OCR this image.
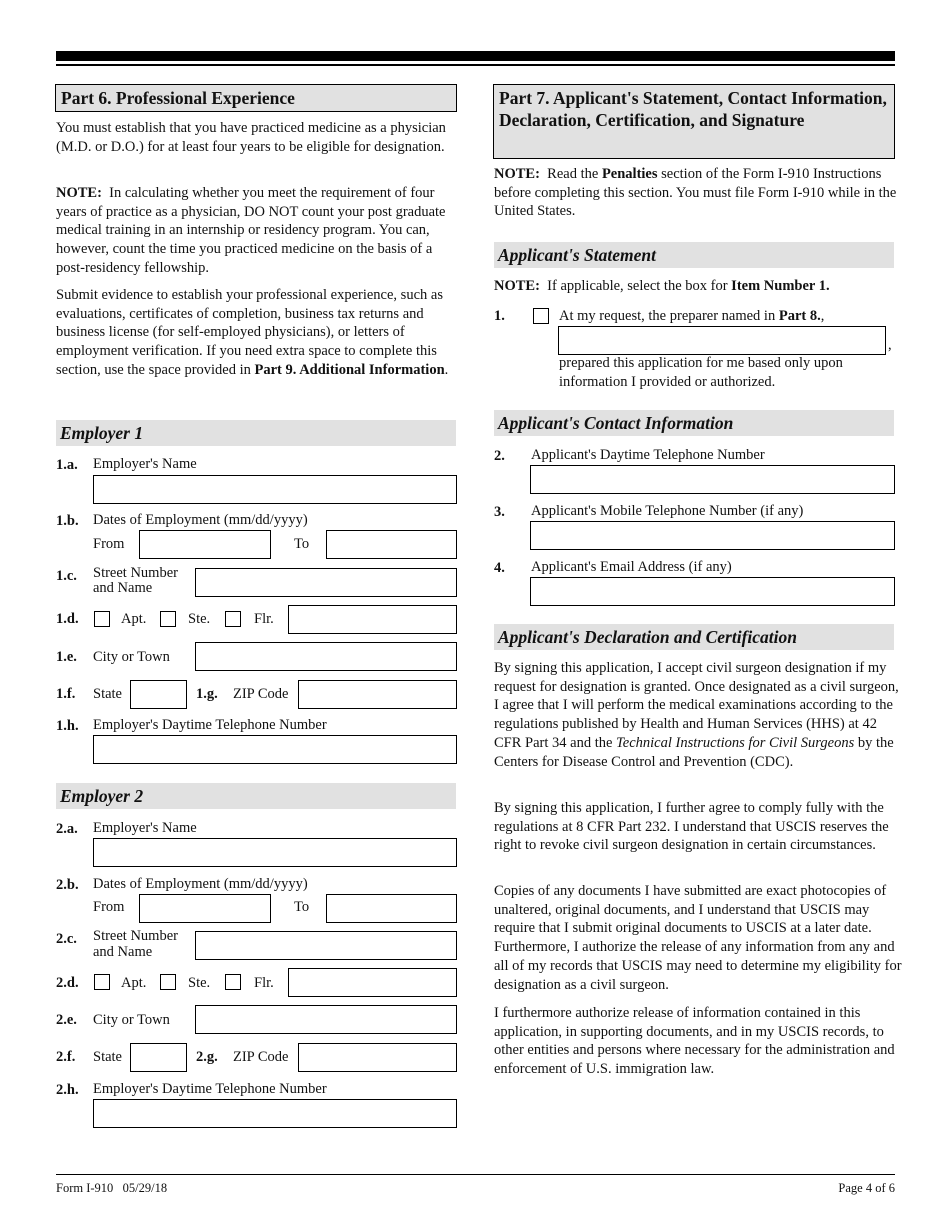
Part 6. Professional Experience
You must establish that you have practiced medicine as a physician (M.D. or D.O.) for at least four years to be eligible for designation.
NOTE: In calculating whether you meet the requirement of four years of practice as a physician, DO NOT count your post graduate medical training in an internship or residency program. You can, however, count the time you practiced medicine on the basis of a post-residency fellowship.
Submit evidence to establish your professional experience, such as evaluations, certificates of completion, business tax returns and business license (for self-employed physicians), or letters of employment verification. If you need extra space to complete this section, use the space provided in Part 9. Additional Information.
Employer 1
1.a. Employer's Name
1.b. Dates of Employment (mm/dd/yyyy)
From	To
1.c. Street Number
and Name
1.d.	Apt.	Ste.	Flr.
1.e. City or Town
1.f. State	1.g. ZIP Code
1.h. Employer's Daytime Telephone Number
Employer 2
2.a. Employer's Name
2.b. Dates of Employment (mm/dd/yyyy)
From	To
2.c. Street Number
and Name
2.d.	Apt.	Ste.	Flr.
2.e. City or Town
2.f. State	2.g. ZIP Code
2.h. Employer's Daytime Telephone Number
Part 7. Applicant's Statement, Contact Information, Declaration, Certification, and Signature
NOTE: Read the Penalties section of the Form I-910 Instructions before completing this section. You must file Form I-910 while in the United States.
Applicant's Statement
NOTE: If applicable, select the box for Item Number 1.
1.	At my request, the preparer named in Part 8.,
,
prepared this application for me based only upon information I provided or authorized.
Applicant's Contact Information
2. Applicant's Daytime Telephone Number
3. Applicant's Mobile Telephone Number (if any)
4. Applicant's Email Address (if any)
Applicant's Declaration and Certification
By signing this application, I accept civil surgeon designation if my request for designation is granted. Once designated as a civil surgeon, I agree that I will perform the medical examinations according to the regulations published by Health and Human Services (HHS) at 42 CFR Part 34 and the Technical Instructions for Civil Surgeons by the Centers for Disease Control and Prevention (CDC).
By signing this application, I further agree to comply fully with the regulations at 8 CFR Part 232. I understand that USCIS reserves the right to revoke civil surgeon designation in certain circumstances.
Copies of any documents I have submitted are exact photocopies of unaltered, original documents, and I understand that USCIS may require that I submit original documents to USCIS at a later date. Furthermore, I authorize the release of any information from any and all of my records that USCIS may need to determine my eligibility for designation as a civil surgeon.
I furthermore authorize release of information contained in this application, in supporting documents, and in my USCIS records, to other entities and persons where necessary for the administration and enforcement of U.S. immigration law.
Form I-910 05/29/18	Page 4 of 6
